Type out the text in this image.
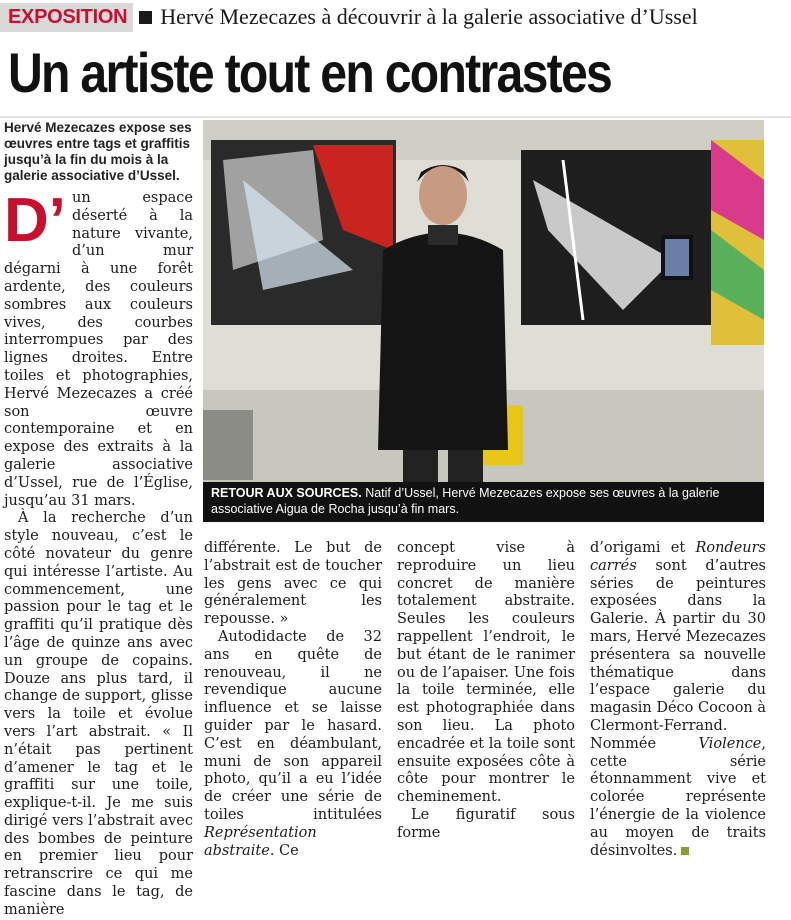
EXPOSITION Hervé Mezecazes à découvrir à la galerie associative d’Ussel
Un artiste tout en contrastes

Hervé Mezecazes expose ses œuvres entre tags et graffitis jusqu’à la fin du mois à la galerie associative d’Ussel.

D’ un espace déserté à la nature vivante, d’un mur dégarni à une forêt ardente, des couleurs sombres aux couleurs vives, des courbes interrompues par des lignes droites. Entre toiles et photographies, Hervé Mezecazes a créé son œuvre contemporaine et en expose des extraits à la galerie associative d’Ussel, rue de l’Église, jusqu’au 31 mars.

À la recherche d’un style nouveau, c’est le côté novateur du genre qui intéresse l’artiste. Au commencement, une passion pour le tag et le graffiti qu’il pratique dès l’âge de quinze ans avec un groupe de copains. Douze ans plus tard, il change de support, glisse vers la toile et évolue vers l’art abstrait. « Il n’était pas pertinent d’amener le tag et le graffiti sur une toile, explique-t-il. Je me suis dirigé vers l’abstrait avec des bombes de peinture en premier lieu pour retranscrire ce qui me fascine dans le tag, de manière

RETOUR AUX SOURCES. Natif d’Ussel, Hervé Mezecazes expose ses œuvres à la galerie associative Aigua de Rocha jusqu’à fin mars.

différente. Le but de l’abstrait est de toucher les gens avec ce qui généralement les repousse. »

Autodidacte de 32 ans en quête de renouveau, il ne revendique aucune influence et se laisse guider par le hasard. C’est en déambulant, muni de son appareil photo, qu’il a eu l’idée de créer une série de toiles intitulées Représentation abstraite. Ce

concept vise à reproduire un lieu concret de manière totalement abstraite. Seules les couleurs rappellent l’endroit, le but étant de le ranimer ou de l’apaiser. Une fois la toile terminée, elle est photographiée dans son lieu. La photo encadrée et la toile sont ensuite exposées côte à côte pour montrer le cheminement.

Le figuratif sous forme

d’origami et Rondeurs carrés sont d’autres séries de peintures exposées dans la Galerie. À partir du 30 mars, Hervé Mezecazes présentera sa nouvelle thématique dans l’espace galerie du magasin Déco Cocoon à Clermont-Ferrand. Nommée Violence, cette série étonnamment vive et colorée représente l’énergie de la violence au moyen de traits désinvoltes.
